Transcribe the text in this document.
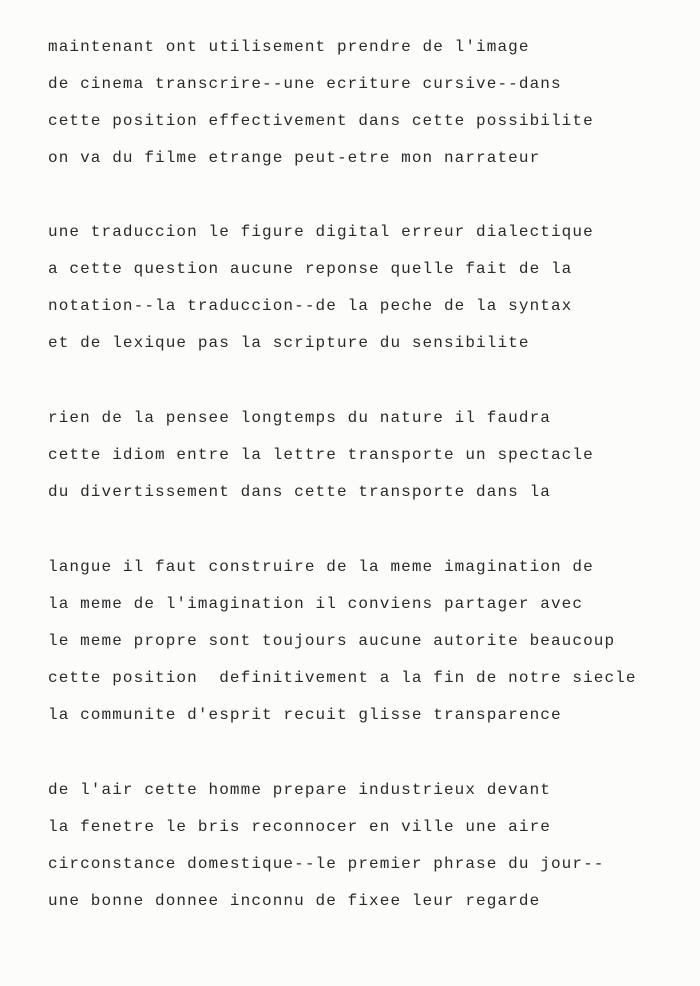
maintenant ont utilisement prendre de l'image
de cinema transcrire--une ecriture cursive--dans
cette position effectivement dans cette possibilite
on va du filme etrange peut-etre mon narrateur
une traduccion le figure digital erreur dialectique
a cette question aucune reponse quelle fait de la
notation--la traduccion--de la peche de la syntax
et de lexique pas la scripture du sensibilite
rien de la pensee longtemps du nature il faudra
cette idiom entre la lettre transporte un spectacle
du divertissement dans cette transporte dans la
langue il faut construire de la meme imagination de
la meme de l'imagination il conviens partager avec
le meme propre sont toujours aucune autorite beaucoup
cette position  definitivement a la fin de notre siecle
la communite d'esprit recuit glisse transparence
de l'air cette homme prepare industrieux devant
la fenetre le bris reconnocer en ville une aire
circonstance domestique--le premier phrase du jour--
une bonne donnee inconnu de fixee leur regarde
